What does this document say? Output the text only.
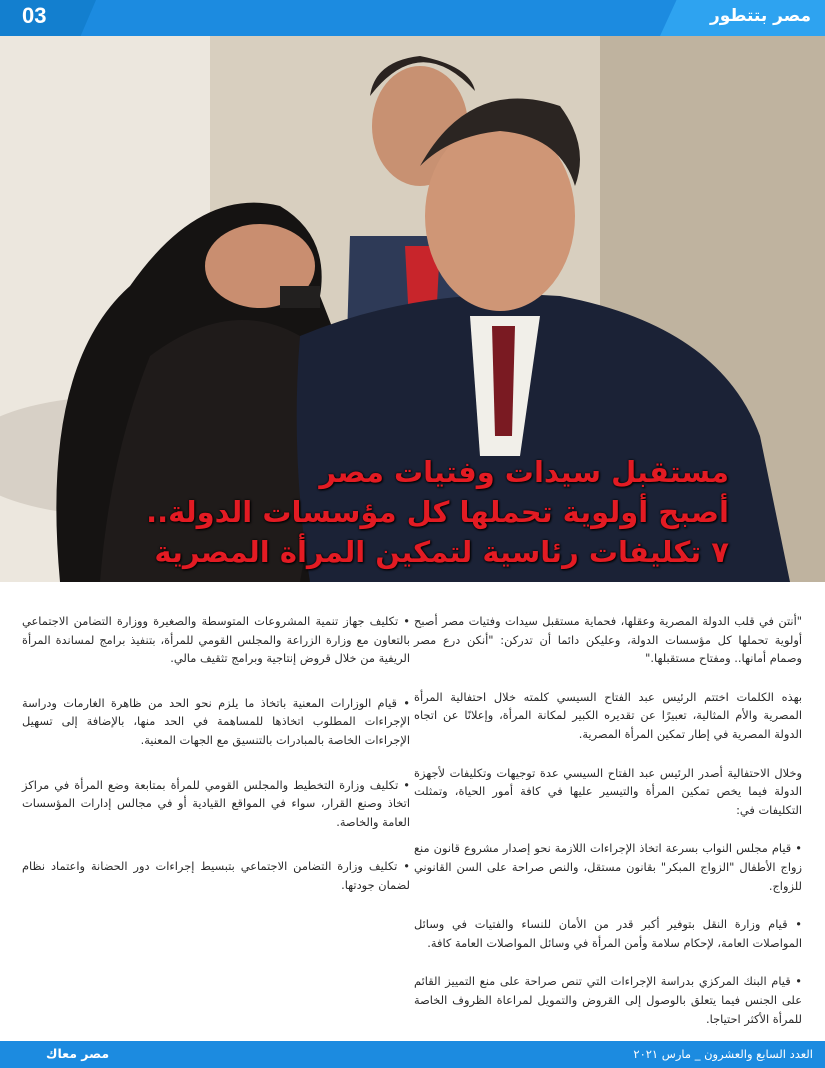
03	مصر بتتطور
مستقبل سيدات وفتيات مصر
أصبح أولوية تحملها كل مؤسسات الدولة..
٧ تكليفات رئاسية لتمكين المرأة المصرية

"أنتن في قلب الدولة المصرية وعقلها، فحماية مستقبل سيدات وفتيات مصر أصبح أولوية تحملها كل مؤسسات الدولة، وعليكن دائما أن تدركن: "أنكن درع مصر وصمام أمانها.. ومفتاح مستقبلها."

بهذه الكلمات اختتم الرئيس عبد الفتاح السيسي كلمته خلال احتفالية المرأة المصرية والأم المثالية، تعبيرًا عن تقديره الكبير لمكانة المرأة، وإعلانًا عن اتجاه الدولة المصرية في إطار تمكين المرأة المصرية.

وخلال الاحتفالية أصدر الرئيس عبد الفتاح السيسي عدة توجيهات وتكليفات لأجهزة الدولة فيما يخص تمكين المرأة والتيسير عليها في كافة أمور الحياة، وتمثلت التكليفات في:

• قيام مجلس النواب بسرعة اتخاذ الإجراءات اللازمة نحو إصدار مشروع قانون منع زواج الأطفال "الزواج المبكر" بقانون مستقل، والنص صراحة على السن القانوني للزواج.

• قيام وزارة النقل بتوفير أكبر قدر من الأمان للنساء والفتيات في وسائل المواصلات العامة، لإحكام سلامة وأمن المرأة في وسائل المواصلات العامة كافة.

• قيام البنك المركزي بدراسة الإجراءات التي تنص صراحة على منع التمييز القائم على الجنس فيما يتعلق بالوصول إلى القروض والتمويل لمراعاة الظروف الخاصة للمرأة الأكثر احتياجا.

• تكليف جهاز تنمية المشروعات المتوسطة والصغيرة ووزارة التضامن الاجتماعي بالتعاون مع وزارة الزراعة والمجلس القومي للمرأة، بتنفيذ برامج لمساندة المرأة الريفية من خلال قروض إنتاجية وبرامج تثقيف مالي.

• قيام الوزارات المعنية باتخاذ ما يلزم نحو الحد من ظاهرة الغارمات ودراسة الإجراءات المطلوب اتخاذها للمساهمة في الحد منها، بالإضافة إلى تسهيل الإجراءات الخاصة بالمبادرات بالتنسيق مع الجهات المعنية.

• تكليف وزارة التخطيط والمجلس القومي للمرأة بمتابعة وضع المرأة في مراكز اتخاذ وصنع القرار، سواء في المواقع القيادية أو في مجالس إدارات المؤسسات العامة والخاصة.

• تكليف وزارة التضامن الاجتماعي بتبسيط إجراءات دور الحضانة واعتماد نظام لضمان جودتها.

العدد السابع والعشرون _ مارس ٢٠٢١
مصر معاك
